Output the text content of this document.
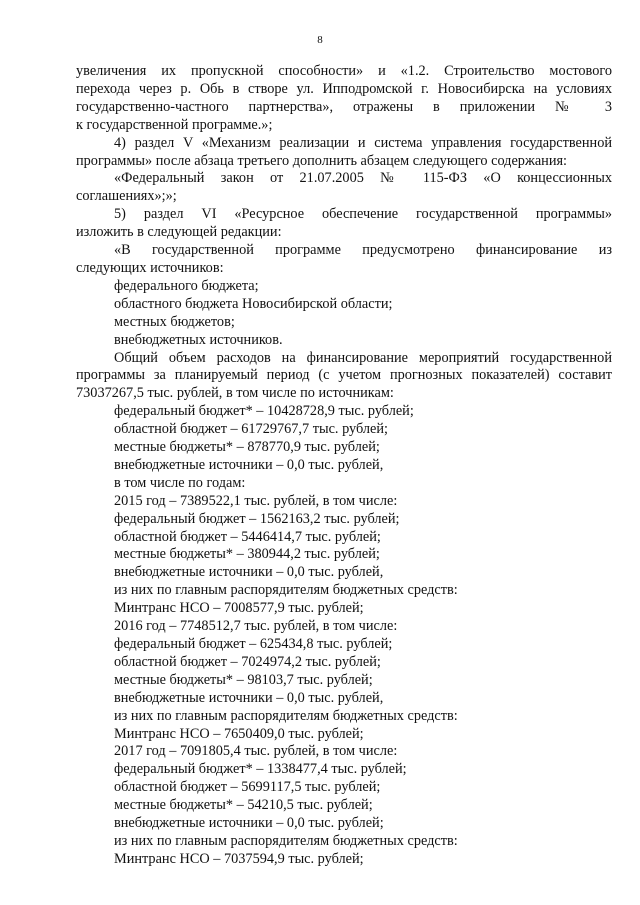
8
увеличения их пропускной способности» и «1.2. Строительство мостового
перехода через р. Обь в створе ул. Ипподромской г. Новосибирска на условиях
государственно-частного партнерства», отражены в приложении № 3
к государственной программе.»;
4) раздел V «Механизм реализации и система управления государственной
программы» после абзаца третьего дополнить абзацем следующего содержания:
«Федеральный закон от 21.07.2005 № 115-ФЗ «О концессионных
соглашениях»;»;
5) раздел VI «Ресурсное обеспечение государственной программы»
изложить в следующей редакции:
«В государственной программе предусмотрено финансирование из
следующих источников:
федерального бюджета;
областного бюджета Новосибирской области;
местных бюджетов;
внебюджетных источников.
Общий объем расходов на финансирование мероприятий государственной
программы за планируемый период (с учетом прогнозных показателей) составит
73037267,5 тыс. рублей, в том числе по источникам:
федеральный бюджет* – 10428728,9 тыс. рублей;
областной бюджет – 61729767,7 тыс. рублей;
местные бюджеты* – 878770,9 тыс. рублей;
внебюджетные источники – 0,0 тыс. рублей,
в том числе по годам:
2015 год – 7389522,1 тыс. рублей, в том числе:
федеральный бюджет – 1562163,2 тыс. рублей;
областной бюджет – 5446414,7 тыс. рублей;
местные бюджеты* – 380944,2 тыс. рублей;
внебюджетные источники – 0,0 тыс. рублей,
из них по главным распорядителям бюджетных средств:
Минтранс НСО – 7008577,9 тыс. рублей;
2016 год – 7748512,7 тыс. рублей, в том числе:
федеральный бюджет – 625434,8 тыс. рублей;
областной бюджет – 7024974,2 тыс. рублей;
местные бюджеты* – 98103,7 тыс. рублей;
внебюджетные источники – 0,0 тыс. рублей,
из них по главным распорядителям бюджетных средств:
Минтранс НСО – 7650409,0 тыс. рублей;
2017 год – 7091805,4 тыс. рублей, в том числе:
федеральный бюджет* – 1338477,4 тыс. рублей;
областной бюджет – 5699117,5 тыс. рублей;
местные бюджеты* – 54210,5 тыс. рублей;
внебюджетные источники – 0,0 тыс. рублей;
из них по главным распорядителям бюджетных средств:
Минтранс НСО – 7037594,9 тыс. рублей;
